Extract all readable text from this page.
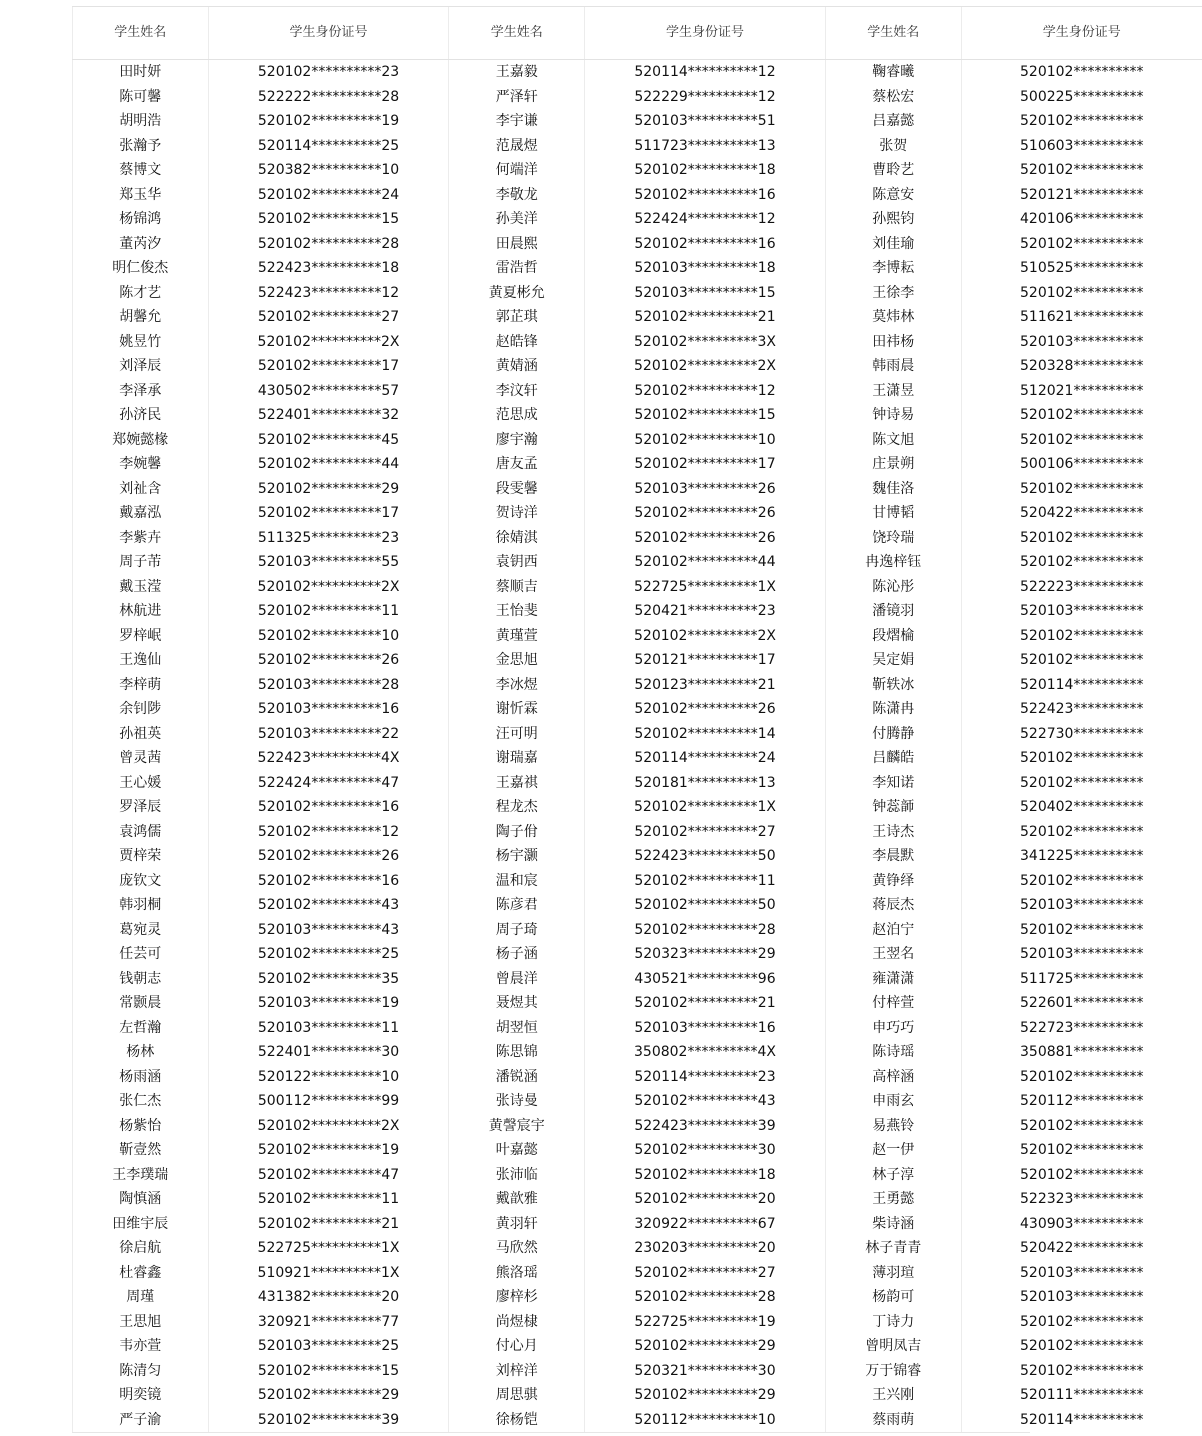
学生姓名	学生身份证号	学生姓名	学生身份证号	学生姓名	学生身份证号
田时妍	520102**********23	王嘉毅	520114**********12	鞠睿曦	520102**********
陈可馨	522222**********28	严泽轩	522229**********12	蔡松宏	500225**********
胡明浩	520102**********19	李宇谦	520103**********51	吕嘉懿	520102**********
张瀚予	520114**********25	范晟煜	511723**********13	张贺	510603**********
蔡博文	520382**********10	何端洋	520102**********18	曹聆艺	520102**********
郑玉华	520102**********24	李敬龙	520102**********16	陈意安	520121**********
杨锦鸿	520102**********15	孙美洋	522424**********12	孙熙钧	420106**********
董芮汐	520102**********28	田晨熙	520102**********16	刘佳瑜	520102**********
明仁俊杰	522423**********18	雷浩哲	520103**********18	李博耘	510525**********
陈才艺	522423**********12	黄夏彬允	520103**********15	王徐李	520102**********
胡馨允	520102**********27	郭芷琪	520102**********21	莫炜林	511621**********
姚昱竹	520102**********2X	赵皓锋	520102**********3X	田祎杨	520103**********
刘泽辰	520102**********17	黄婧涵	520102**********2X	韩雨晨	520328**********
李泽承	430502**********57	李汶轩	520102**********12	王潇昱	512021**********
孙济民	522401**********32	范思成	520102**********15	钟诗易	520102**********
郑婉懿椽	520102**********45	廖宇瀚	520102**********10	陈文旭	520102**********
李婉馨	520102**********44	唐友孟	520102**********17	庄景朔	500106**********
刘祉含	520102**********29	段雯馨	520103**********26	魏佳洛	520102**********
戴嘉泓	520102**********17	贺诗洋	520102**********26	甘博韬	520422**********
李紫卉	511325**********23	徐婧淇	520102**********26	饶玲瑞	520102**********
周子芾	520103**********55	袁钥西	520102**********44	冉逸梓钰	520102**********
戴玉滢	520102**********2X	蔡顺吉	522725**********1X	陈沁彤	522223**********
林航进	520102**********11	王怡斐	520421**********23	潘镜羽	520103**********
罗梓岷	520102**********10	黄瑾萱	520102**********2X	段熠棆	520102**********
王逸仙	520102**********26	金思旭	520121**********17	吴定娟	520102**********
李梓萌	520103**********28	李冰煜	520123**********21	靳轶冰	520114**********
余钊陟	520103**********16	谢忻霖	520102**********26	陈潇冉	522423**********
孙祖英	520103**********22	汪可明	520102**********14	付腾静	522730**********
曾灵茜	522423**********4X	谢瑞嘉	520114**********24	吕麟皓	520102**********
王心媛	522424**********47	王嘉祺	520181**********13	李知诺	520102**********
罗泽辰	520102**********16	程龙杰	520102**********1X	钟蕊韴	520402**********
袁鸿儒	520102**********12	陶子佾	520102**********27	王诗杰	520102**********
贾梓荣	520102**********26	杨宇灏	522423**********50	李晨默	341225**********
庞钦文	520102**********16	温和宸	520102**********11	黄铮绎	520102**********
韩羽桐	520102**********43	陈彦君	520102**********50	蒋辰杰	520103**********
葛宛灵	520103**********43	周子琦	520102**********28	赵泊宁	520102**********
任芸可	520102**********25	杨子涵	520323**********29	王翌名	520103**********
钱朝志	520102**********35	曾晨洋	430521**********96	雍潇潇	511725**********
常颢晨	520103**********19	聂煜其	520102**********21	付梓萱	522601**********
左哲瀚	520103**********11	胡翌恒	520103**********16	申巧巧	522723**********
杨林	522401**********30	陈思锦	350802**********4X	陈诗瑶	350881**********
杨雨涵	520122**********10	潘锐涵	520114**********23	高梓涵	520102**********
张仁杰	500112**********99	张诗曼	520102**********43	申雨玄	520112**********
杨紫怡	520102**********2X	黄謦宸宇	522423**********39	易燕铃	520102**********
靳壹然	520102**********19	叶嘉懿	520102**********30	赵一伊	520102**********
王李璞瑞	520102**********47	张沛临	520102**********18	林子淳	520102**********
陶慎涵	520102**********11	戴歆雅	520102**********20	王勇懿	522323**********
田维宇辰	520102**********21	黄羽轩	320922**********67	柴诗涵	430903**********
徐启航	522725**********1X	马欣然	230203**********20	林子青青	520422**********
杜睿鑫	510921**********1X	熊洛瑶	520102**********27	薄羽瑄	520103**********
周瑾	431382**********20	廖梓杉	520102**********28	杨韵可	520103**********
王思旭	320921**********77	尚煜棣	522725**********19	丁诗力	520102**********
韦亦萱	520103**********25	付心月	520102**********29	曾明凤吉	520102**********
陈清匀	520102**********15	刘梓洋	520321**********30	万于锦睿	520102**********
明奕镜	520102**********29	周思骐	520102**********29	王兴刚	520111**********
严子渝	520102**********39	徐杨铠	520112**********10	蔡雨萌	520114**********
